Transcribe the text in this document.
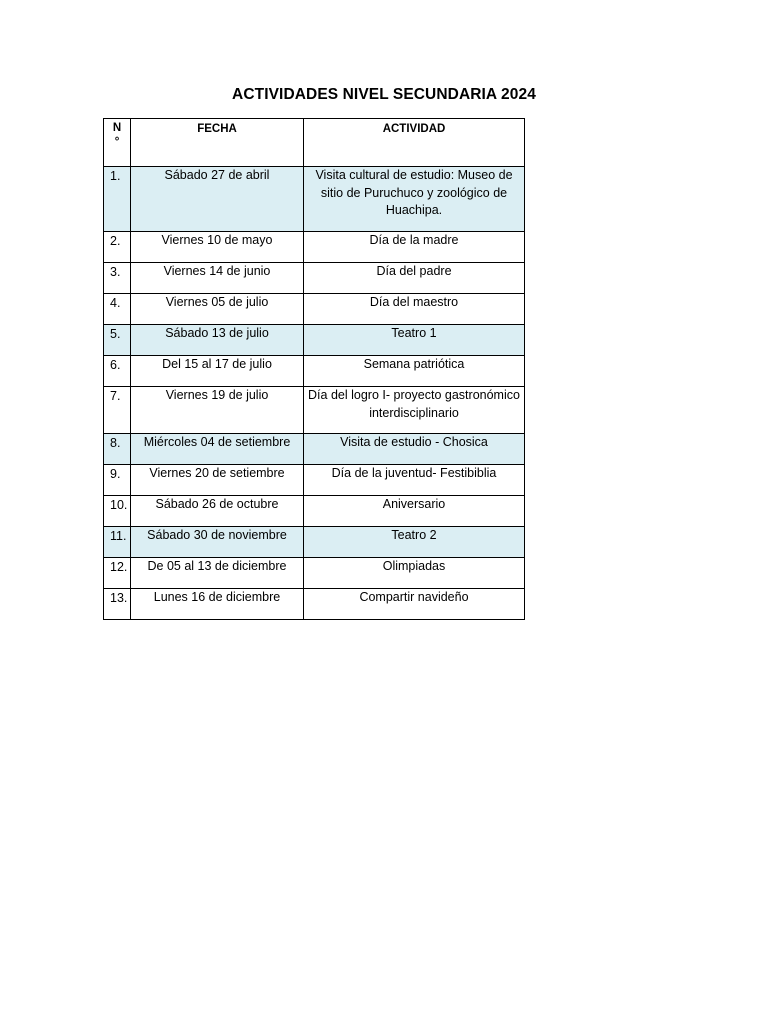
ACTIVIDADES NIVEL SECUNDARIA 2024
N
°	FECHA	ACTIVIDAD
1.	Sábado 27 de abril	Visita cultural de estudio: Museo de sitio de Puruchuco y zoológico de Huachipa.
2.	Viernes 10 de mayo	Día de la madre
3.	Viernes 14 de junio	Día del padre
4.	Viernes 05 de julio	Día del maestro
5.	Sábado 13 de julio	Teatro 1
6.	Del 15 al 17 de julio	Semana patriótica
7.	Viernes 19 de julio	Día del logro I- proyecto gastronómico interdisciplinario
8.	Miércoles 04 de setiembre	Visita de estudio - Chosica
9.	Viernes 20 de setiembre	Día de la juventud- Festibiblia
10.	Sábado 26 de octubre	Aniversario
11.	Sábado 30 de noviembre	Teatro 2
12.	De 05 al 13 de diciembre	Olimpiadas
13.	Lunes 16 de diciembre	Compartir navideño
